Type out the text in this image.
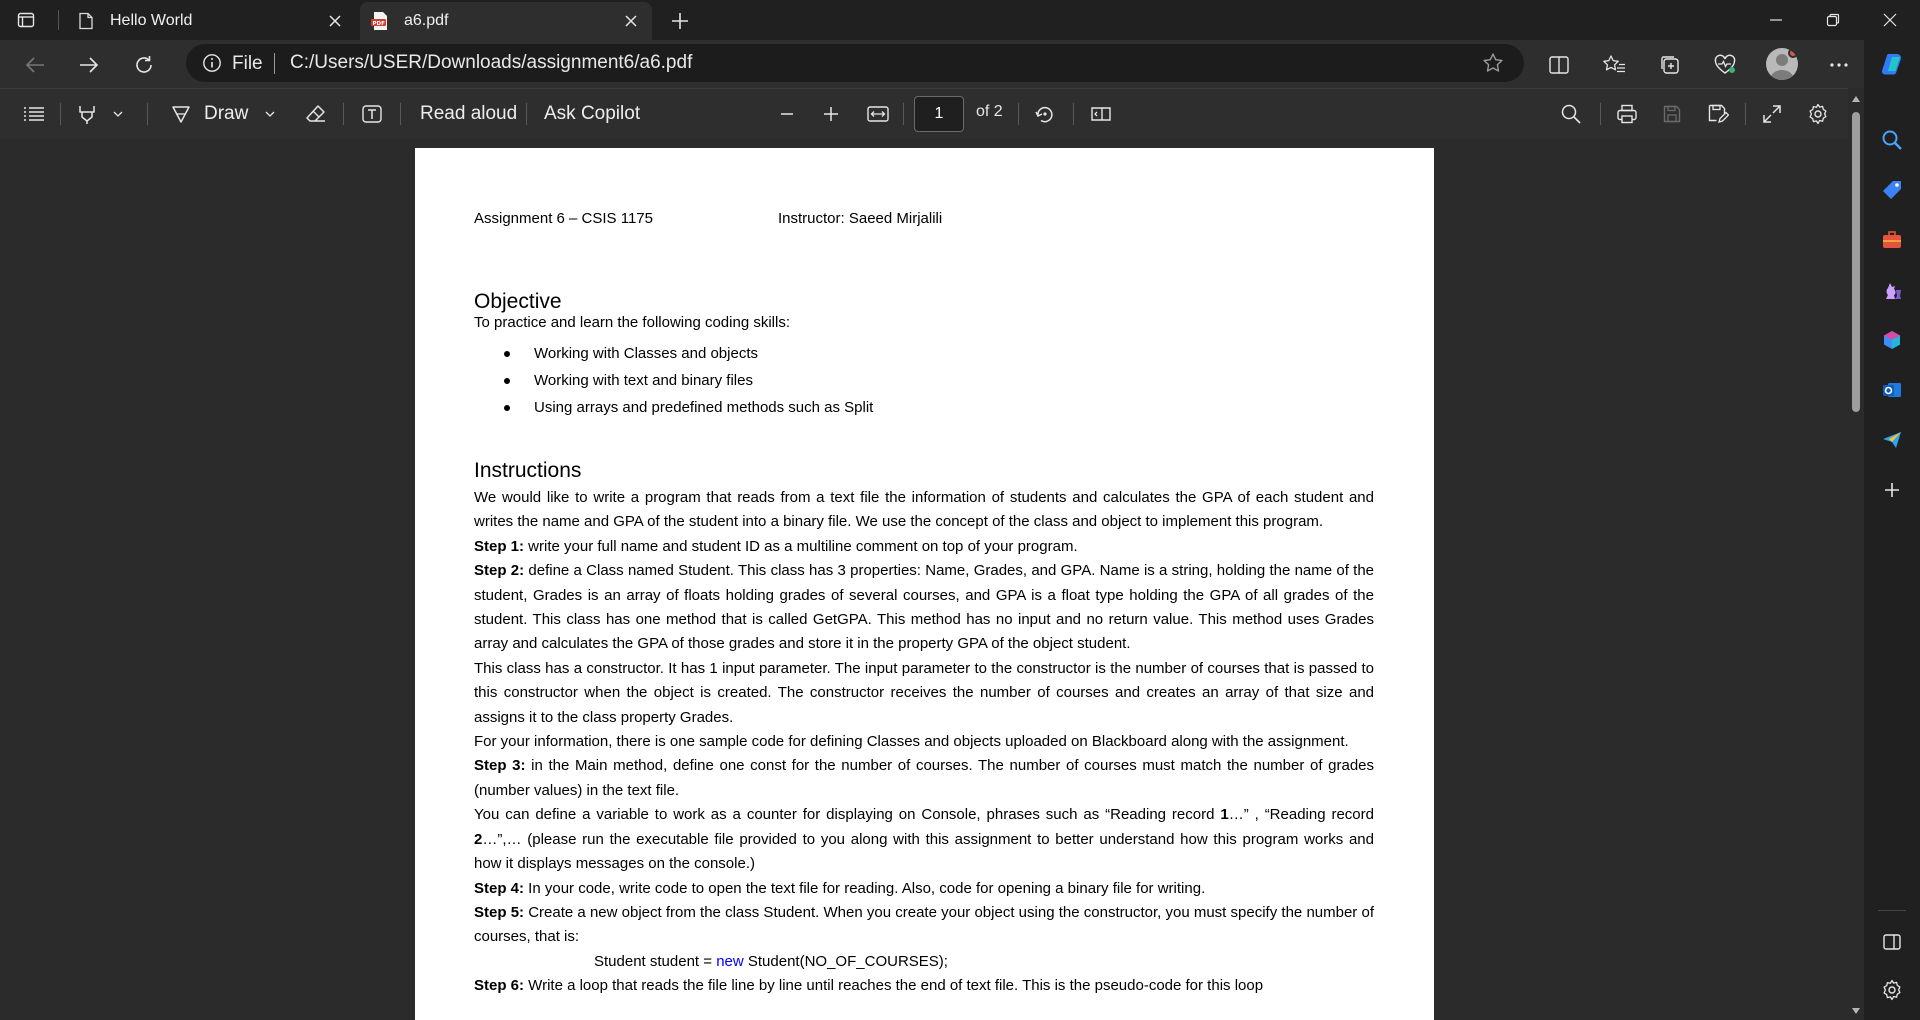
Hello World	PDF a6.pdf
File C:/Users/USER/Downloads/assignment6/a6.pdf
Draw	Read aloud Ask Copilot	1	of 2
Assignment 6 – CSIS 1175	Instructor: Saeed Mirjalili
Objective
To practice and learn the following coding skills:
Working with Classes and objects
Working with text and binary files
Using arrays and predefined methods such as Split
Instructions

We would like to write a program that reads from a text file the information of students and calculates the GPA of each student and writes the name and GPA of the student into a binary file. We use the concept of the class and object to implement this program.

Step 1: write your full name and student ID as a multiline comment on top of your program.

Step 2: define a Class named Student. This class has 3 properties: Name, Grades, and GPA. Name is a string, holding the name of the student, Grades is an array of floats holding grades of several courses, and GPA is a float type holding the GPA of all grades of the student. This class has one method that is called GetGPA. This method has no input and no return value. This method uses Grades array and calculates the GPA of those grades and store it in the property GPA of the object student.

This class has a constructor. It has 1 input parameter. The input parameter to the constructor is the number of courses that is passed to this constructor when the object is created. The constructor receives the number of courses and creates an array of that size and assigns it to the class property Grades.

For your information, there is one sample code for defining Classes and objects uploaded on Blackboard along with the assignment.

Step 3: in the Main method, define one const for the number of courses. The number of courses must match the number of grades (number values) in the text file.

You can define a variable to work as a counter for displaying on Console, phrases such as “Reading record 1…” , “Reading record 2…”,… (please run the executable file provided to you along with this assignment to better understand how this program works and how it displays messages on the console.)

Step 4: In your code, write code to open the text file for reading. Also, code for opening a binary file for writing.

Step 5: Create a new object from the class Student. When you create your object using the constructor, you must specify the number of courses, that is:

Student student = new Student(NO_OF_COURSES);

Step 6: Write a loop that reads the file line by line until reaches the end of text file. This is the pseudo-code for this loop
